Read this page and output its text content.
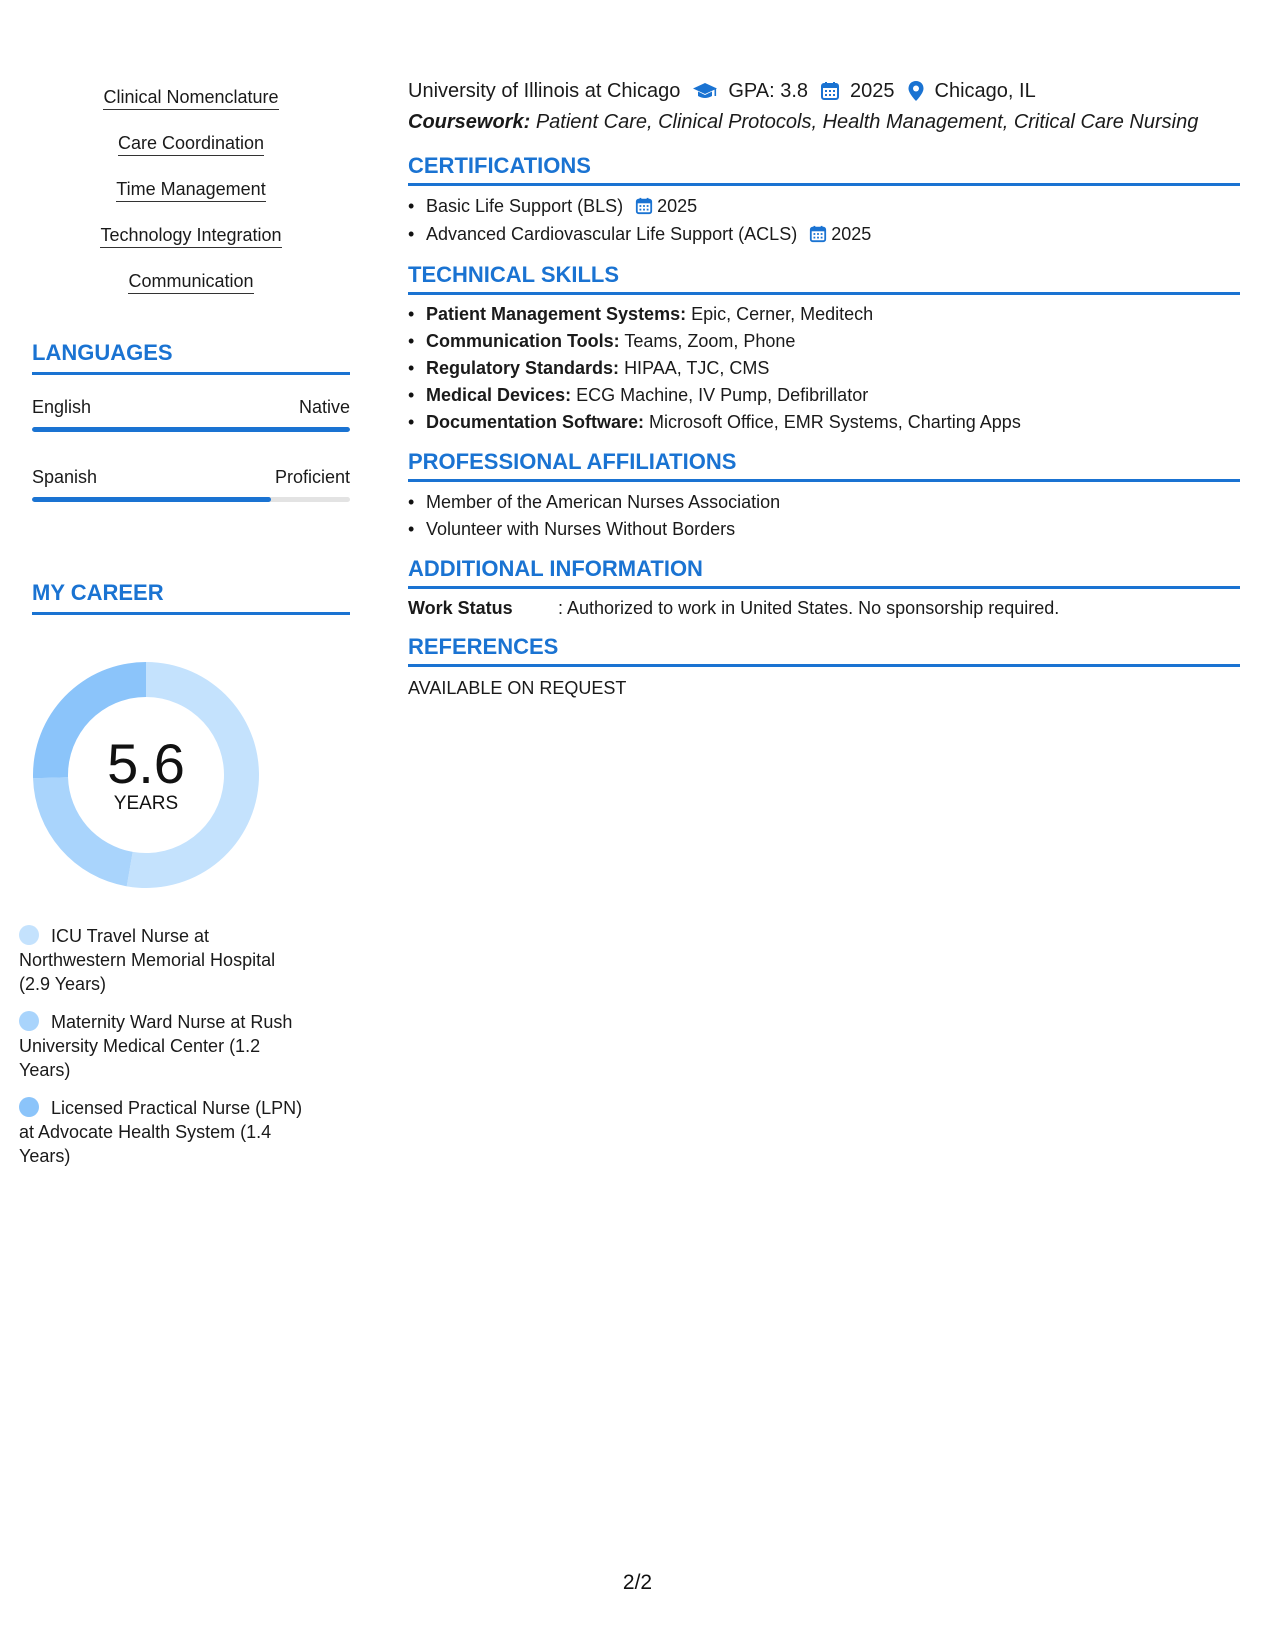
Clinical Nomenclature
Care Coordination
Time Management
Technology Integration
Communication
LANGUAGES
English	Native
Spanish	Proficient
MY CAREER
5.6
YEARS
ICU Travel Nurse at Northwestern Memorial Hospital (2.9 Years)
Maternity Ward Nurse at Rush University Medical Center (1.2 Years)
Licensed Practical Nurse (LPN) at Advocate Health System (1.4 Years)
University of Illinois at Chicago GPA: 3.8 2025 Chicago, IL
Coursework: Patient Care, Clinical Protocols, Health Management, Critical Care Nursing
CERTIFICATIONS
• Basic Life Support (BLS) 2025
• Advanced Cardiovascular Life Support (ACLS) 2025
TECHNICAL SKILLS
• Patient Management Systems: Epic, Cerner, Meditech
• Communication Tools: Teams, Zoom, Phone
• Regulatory Standards: HIPAA, TJC, CMS
• Medical Devices: ECG Machine, IV Pump, Defibrillator
• Documentation Software: Microsoft Office, EMR Systems, Charting Apps
PROFESSIONAL AFFILIATIONS
• Member of the American Nurses Association
• Volunteer with Nurses Without Borders
ADDITIONAL INFORMATION
Work Status	: Authorized to work in United States. No sponsorship required.
REFERENCES
AVAILABLE ON REQUEST
2/2
